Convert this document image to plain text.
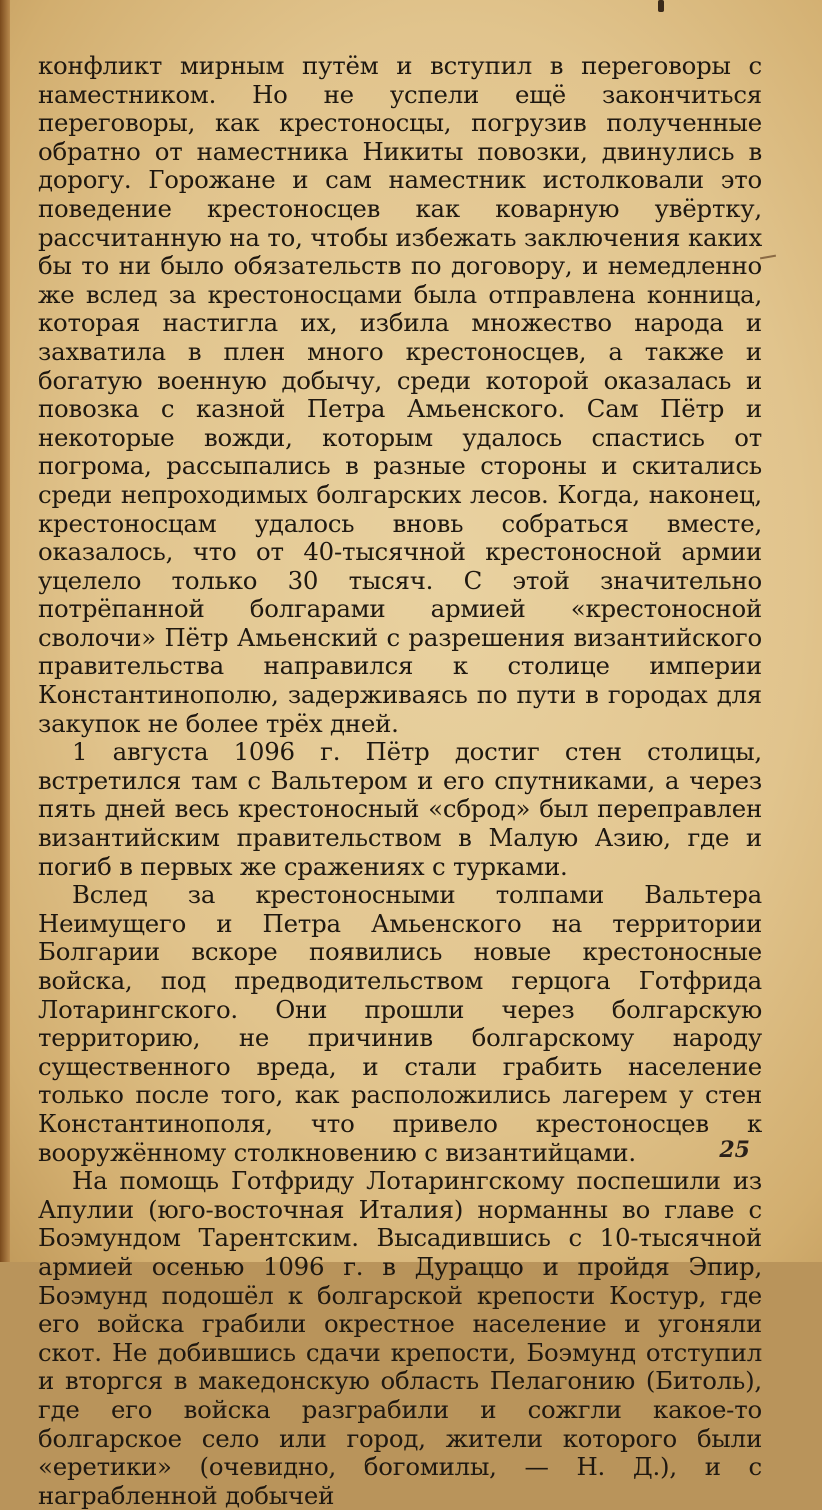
конфликт мирным путём и вступил в переговоры с наместником. Но не успели ещё закончиться переговоры, как крестоносцы, погрузив полученные обратно от наместника Никиты повозки, двинулись в дорогу. Горожане и сам наместник истолковали это поведение крестоносцев как коварную увёртку, рассчитанную на то, чтобы избежать заключения каких бы то ни было обязательств по договору, и немедленно же вслед за крестоносцами была отправлена конница, которая настигла их, избила множество народа и захватила в плен много крестоносцев, а также и богатую военную добычу, среди которой оказалась и повозка с казной Петра Амьенского. Сам Пётр и некоторые вожди, которым удалось спастись от погрома, рассыпались в разные стороны и скитались среди непроходимых болгарских лесов. Когда, наконец, крестоносцам удалось вновь собраться вместе, оказалось, что от 40-тысячной крестоносной армии уцелело только 30 тысяч. С этой значительно потрёпанной болгарами армией «крестоносной сволочи» Пётр Амьенский с разрешения византийского правительства направился к столице империи Константинополю, задерживаясь по пути в городах для закупок не более трёх дней.

1 августа 1096 г. Пётр достиг стен столицы, встретился там с Вальтером и его спутниками, а через пять дней весь крестоносный «сброд» был переправлен византийским правительством в Малую Азию, где и погиб в первых же сражениях с турками.

Вслед за крестоносными толпами Вальтера Неимущего и Петра Амьенского на территории Болгарии вскоре появились новые крестоносные войска, под предводительством герцога Готфрида Лотарингского. Они прошли через болгарскую территорию, не причинив болгарскому народу существенного вреда, и стали грабить население только после того, как расположились лагерем у стен Константинополя, что привело крестоносцев к вооружённому столкновению с византийцами.

На помощь Готфриду Лотарингскому поспешили из Апулии (юго-восточная Италия) норманны во главе с Боэмундом Тарентским. Высадившись с 10-тысячной армией осенью 1096 г. в Дураццо и пройдя Эпир, Боэмунд подошёл к болгарской крепости Костур, где его войска грабили окрестное население и угоняли скот. Не добившись сдачи крепости, Боэмунд отступил и вторгся в македонскую область Пелагонию (Битоль), где его войска разграбили и сожгли какое-то болгарское село или город, жители которого были «еретики» (очевидно, богомилы, — Н. Д.), и с награбленной добычей

25
